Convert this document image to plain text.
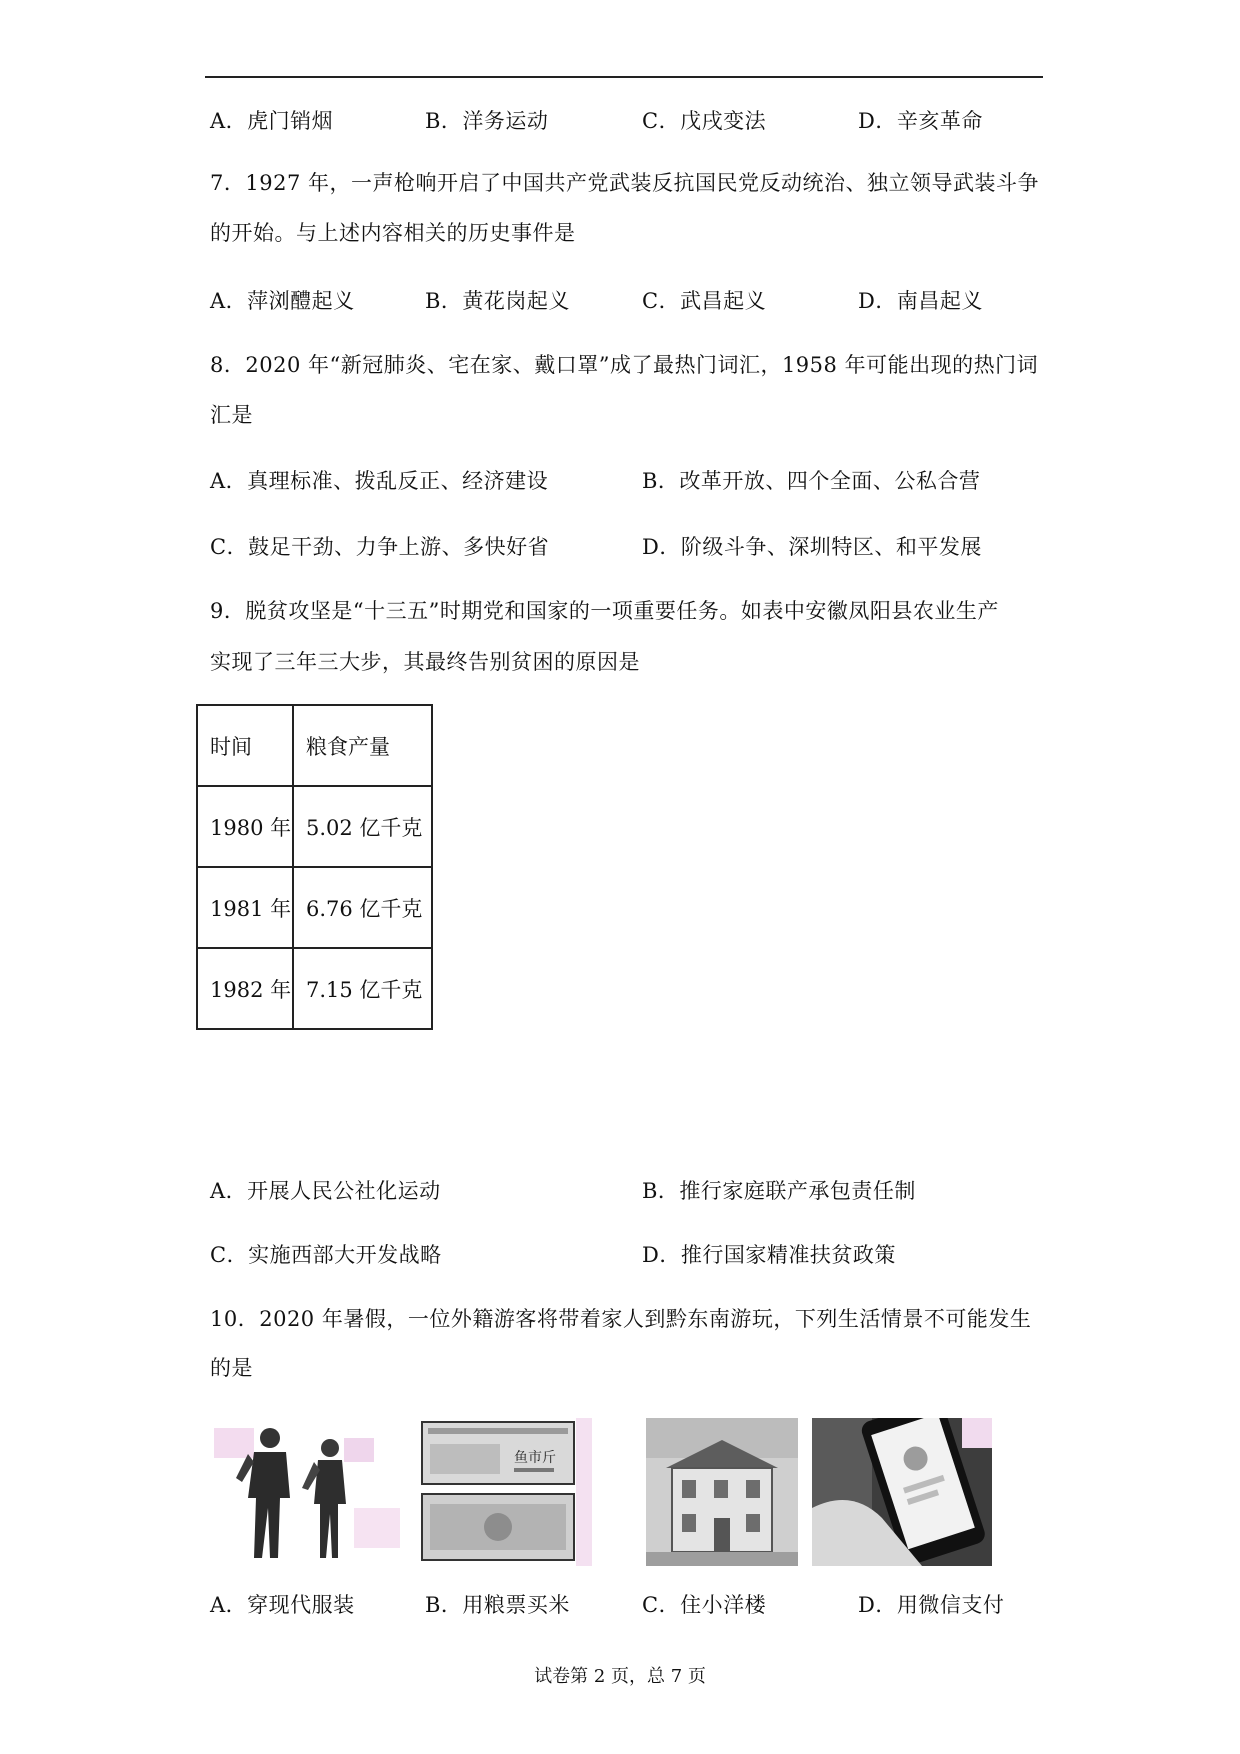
A．虎门销烟	B．洋务运动	C．戊戌变法	D．辛亥革命
7．1927 年，一声枪响开启了中国共产党武装反抗国民党反动统治、独立领导武装斗争
的开始。与上述内容相关的历史事件是
A．萍浏醴起义	B．黄花岗起义	C．武昌起义	D．南昌起义
8．2020 年“新冠肺炎、宅在家、戴口罩”成了最热门词汇，1958 年可能出现的热门词
汇是
A．真理标准、拨乱反正、经济建设	B．改革开放、四个全面、公私合营
C．鼓足干劲、力争上游、多快好省	D．阶级斗争、深圳特区、和平发展
9．脱贫攻坚是“十三五”时期党和国家的一项重要任务。如表中安徽凤阳县农业生产
实现了三年三大步，其最终告别贫困的原因是
时间	粮食产量
1980 年	5.02 亿千克
1981 年	6.76 亿千克
1982 年	7.15 亿千克
A．开展人民公社化运动	B．推行家庭联产承包责任制
C．实施西部大开发战略	D．推行国家精准扶贫政策
10．2020 年暑假，一位外籍游客将带着家人到黔东南游玩，下列生活情景不可能发生
的是
鱼市斤
A．穿现代服装	B．用粮票买米	C．住小洋楼	D．用微信支付
试卷第 2 页，总 7 页
